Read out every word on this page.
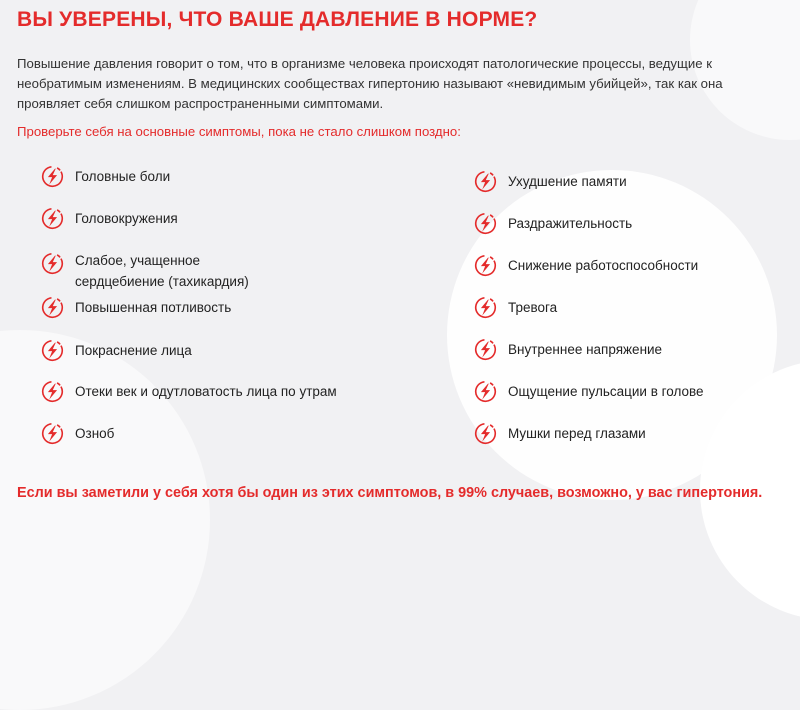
ВЫ УВЕРЕНЫ, ЧТО ВАШЕ ДАВЛЕНИЕ В НОРМЕ?
Повышение давления говорит о том, что в организме человека происходят патологические процессы, ведущие к необратимым изменениям. В медицинских сообществах гипертонию называют «невидимым убийцей», так как она проявляет себя слишком распространенными симптомами.
Проверьте себя на основные симптомы, пока не стало слишком поздно:
Головные боли
Головокружения
Слабое, учащенное сердцебиение (тахикардия)
Повышенная потливость
Покраснение лица
Отеки век и одутловатость лица по утрам
Озноб
Ухудшение памяти
Раздражительность
Снижение работоспособности
Тревога
Внутреннее напряжение
Ощущение пульсации в голове
Мушки перед глазами
Если вы заметили у себя хотя бы один из этих симптомов, в 99% случаев, возможно, у вас гипертония.
